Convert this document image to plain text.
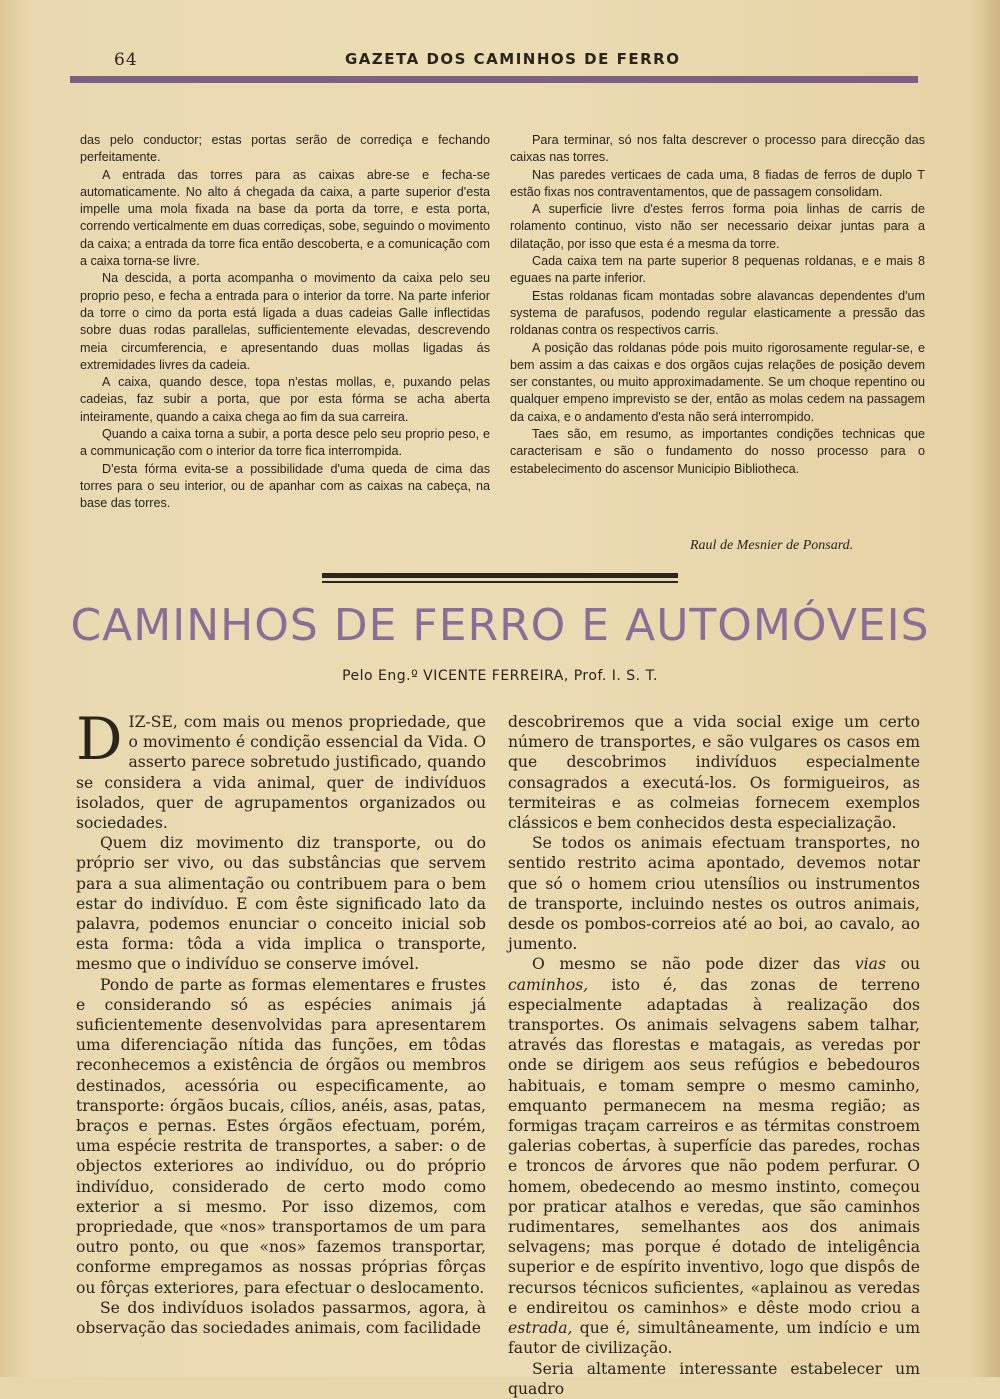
64	GAZETA DOS CAMINHOS DE FERRO

das pelo conductor; estas portas serão de corrediça e fechando perfeitamente.

A entrada das torres para as caixas abre-se e fecha-se automaticamente. No alto á chegada da caixa, a parte superior d'esta impelle uma mola fixada na base da porta da torre, e esta porta, correndo verticalmente em duas corrediças, sobe, seguindo o movimento da caixa; a entrada da torre fica então descoberta, e a comunicação com a caixa torna-se livre.

Na descida, a porta acompanha o movimento da caixa pelo seu proprio peso, e fecha a entrada para o interior da torre. Na parte inferior da torre o cimo da porta está ligada a duas cadeias Galle inflectidas sobre duas rodas parallelas, sufficientemente elevadas, descrevendo meia circumferencia, e apresentando duas mollas ligadas ás extremidades livres da cadeia.

A caixa, quando desce, topa n'estas mollas, e, puxando pelas cadeias, faz subir a porta, que por esta fórma se acha aberta inteiramente, quando a caixa chega ao fim da sua carreira.

Quando a caixa torna a subir, a porta desce pelo seu proprio peso, e a communicação com o interior da torre fica interrompida.

D'esta fórma evita-se a possibilidade d'uma queda de cima das torres para o seu interior, ou de apanhar com as caixas na cabeça, na base das torres.

Para terminar, só nos falta descrever o processo para direcção das caixas nas torres.

Nas paredes verticaes de cada uma, 8 fiadas de ferros de duplo T estão fixas nos contraventamentos, que de passagem consolidam.

A superficie livre d'estes ferros forma poia linhas de carris de rolamento continuo, visto não ser necessario deixar juntas para a dilatação, por isso que esta é a mesma da torre.

Cada caixa tem na parte superior 8 pequenas roldanas, e e mais 8 eguaes na parte inferior.

Estas roldanas ficam montadas sobre alavancas dependentes d'um systema de parafusos, podendo regular elasticamente a pressão das roldanas contra os respectivos carris.

A posição das roldanas póde pois muito rigorosamente regular-se, e bem assim a das caixas e dos orgãos cujas relações de posição devem ser constantes, ou muito approximadamente. Se um choque repentino ou qualquer empeno imprevisto se der, então as molas cedem na passagem da caixa, e o andamento d'esta não será interrompido.

Taes são, em resumo, as importantes condições technicas que caracterisam e são o fundamento do nosso processo para o estabelecimento do ascensor Municipio Bibliotheca.

Raul de Mesnier de Ponsard.
CAMINHOS DE FERRO E AUTOMÓVEIS
Pelo Eng.º VICENTE FERREIRA, Prof. I. S. T.

DIZ-SE, com mais ou menos propriedade, que o movimento é condição essencial da Vida. O asserto parece sobretudo justificado, quando se considera a vida animal, quer de indivíduos isolados, quer de agrupamentos organizados ou sociedades.

Quem diz movimento diz transporte, ou do próprio ser vivo, ou das substâncias que servem para a sua alimentação ou contribuem para o bem estar do indivíduo. E com êste significado lato da palavra, podemos enunciar o conceito inicial sob esta forma: tôda a vida implica o transporte, mesmo que o indivíduo se conserve imóvel.

Pondo de parte as formas elementares e frustes e considerando só as espécies animais já suficientemente desenvolvidas para apresentarem uma diferenciação nítida das funções, em tôdas reconhecemos a existência de órgãos ou membros destinados, acessória ou especificamente, ao transporte: órgãos bucais, cílios, anéis, asas, patas, braços e pernas. Estes órgãos efectuam, porém, uma espécie restrita de transportes, a saber: o de objectos exteriores ao indivíduo, ou do próprio indivíduo, considerado de certo modo como exterior a si mesmo. Por isso dizemos, com propriedade, que «nos» transportamos de um para outro ponto, ou que «nos» fazemos transportar, conforme empregamos as nossas próprias fôrças ou fôrças exteriores, para efectuar o deslocamento.

Se dos indivíduos isolados passarmos, agora, à observação das sociedades animais, com facilidade

descobriremos que a vida social exige um certo número de transportes, e são vulgares os casos em que descobrimos indivíduos especialmente consagrados a executá-los. Os formigueiros, as termiteiras e as colmeias fornecem exemplos clássicos e bem conhecidos desta especialização.

Se todos os animais efectuam transportes, no sentido restrito acima apontado, devemos notar que só o homem criou utensílios ou instrumentos de transporte, incluindo nestes os outros animais, desde os pombos-correios até ao boi, ao cavalo, ao jumento.

O mesmo se não pode dizer das vias ou caminhos, isto é, das zonas de terreno especialmente adaptadas à realização dos transportes. Os animais selvagens sabem talhar, através das florestas e matagais, as veredas por onde se dirigem aos seus refúgios e bebedouros habituais, e tomam sempre o mesmo caminho, emquanto permanecem na mesma região; as formigas traçam carreiros e as térmitas constroem galerias cobertas, à superfície das paredes, rochas e troncos de árvores que não podem perfurar. O homem, obedecendo ao mesmo instinto, começou por praticar atalhos e veredas, que são caminhos rudimentares, semelhantes aos dos animais selvagens; mas porque é dotado de inteligência superior e de espírito inventivo, logo que dispôs de recursos técnicos suficientes, «aplainou as veredas e endireitou os caminhos» e dêste modo criou a estrada, que é, simultâneamente, um indício e um fautor de civilização.

Seria altamente interessante estabelecer um quadro
